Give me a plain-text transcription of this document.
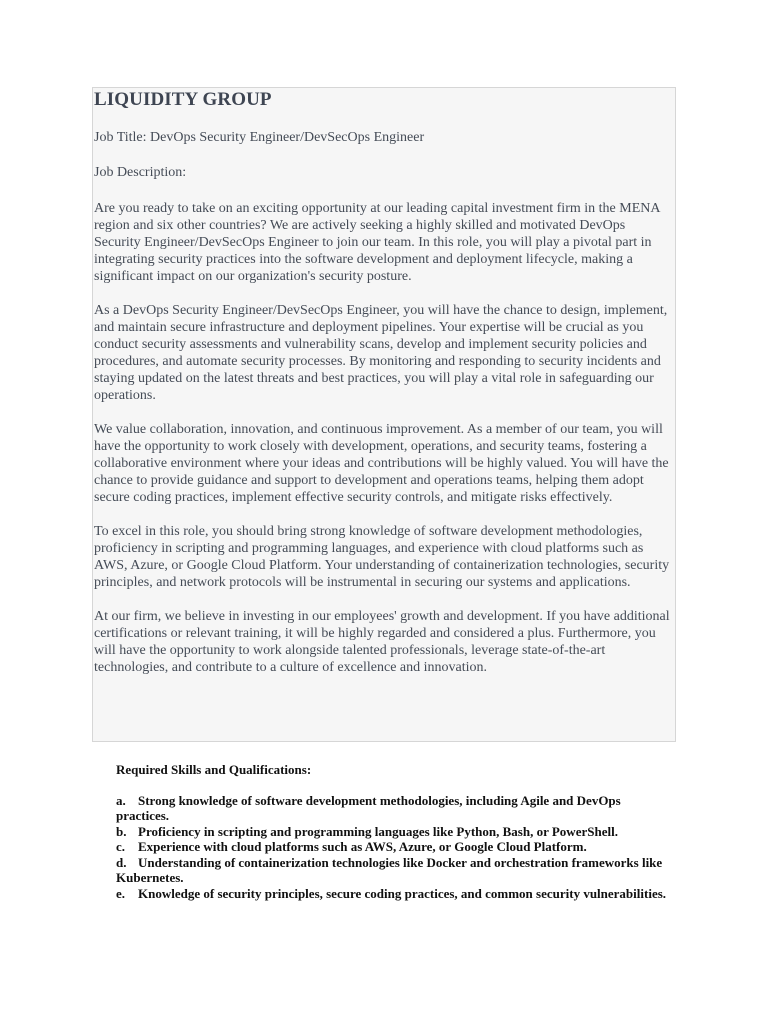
LIQUIDITY GROUP

Job Title: DevOps Security Engineer/DevSecOps Engineer

Job Description:

Are you ready to take on an exciting opportunity at our leading capital investment firm in the MENA region and six other countries? We are actively seeking a highly skilled and motivated DevOps Security Engineer/DevSecOps Engineer to join our team. In this role, you will play a pivotal part in integrating security practices into the software development and deployment lifecycle, making a significant impact on our organization's security posture.

As a DevOps Security Engineer/DevSecOps Engineer, you will have the chance to design, implement, and maintain secure infrastructure and deployment pipelines. Your expertise will be crucial as you conduct security assessments and vulnerability scans, develop and implement security policies and procedures, and automate security processes. By monitoring and responding to security incidents and staying updated on the latest threats and best practices, you will play a vital role in safeguarding our operations.

We value collaboration, innovation, and continuous improvement. As a member of our team, you will have the opportunity to work closely with development, operations, and security teams, fostering a collaborative environment where your ideas and contributions will be highly valued. You will have the chance to provide guidance and support to development and operations teams, helping them adopt secure coding practices, implement effective security controls, and mitigate risks effectively.

To excel in this role, you should bring strong knowledge of software development methodologies, proficiency in scripting and programming languages, and experience with cloud platforms such as AWS, Azure, or Google Cloud Platform. Your understanding of containerization technologies, security principles, and network protocols will be instrumental in securing our systems and applications.

At our firm, we believe in investing in our employees' growth and development. If you have additional certifications or relevant training, it will be highly regarded and considered a plus. Furthermore, you will have the opportunity to work alongside talented professionals, leverage state-of-the-art technologies, and contribute to a culture of excellence and innovation.

Required Skills and Qualifications:

a. Strong knowledge of software development methodologies, including Agile and DevOps practices.
b. Proficiency in scripting and programming languages like Python, Bash, or PowerShell.
c. Experience with cloud platforms such as AWS, Azure, or Google Cloud Platform.
d. Understanding of containerization technologies like Docker and orchestration frameworks like Kubernetes.
e. Knowledge of security principles, secure coding practices, and common security vulnerabilities.
